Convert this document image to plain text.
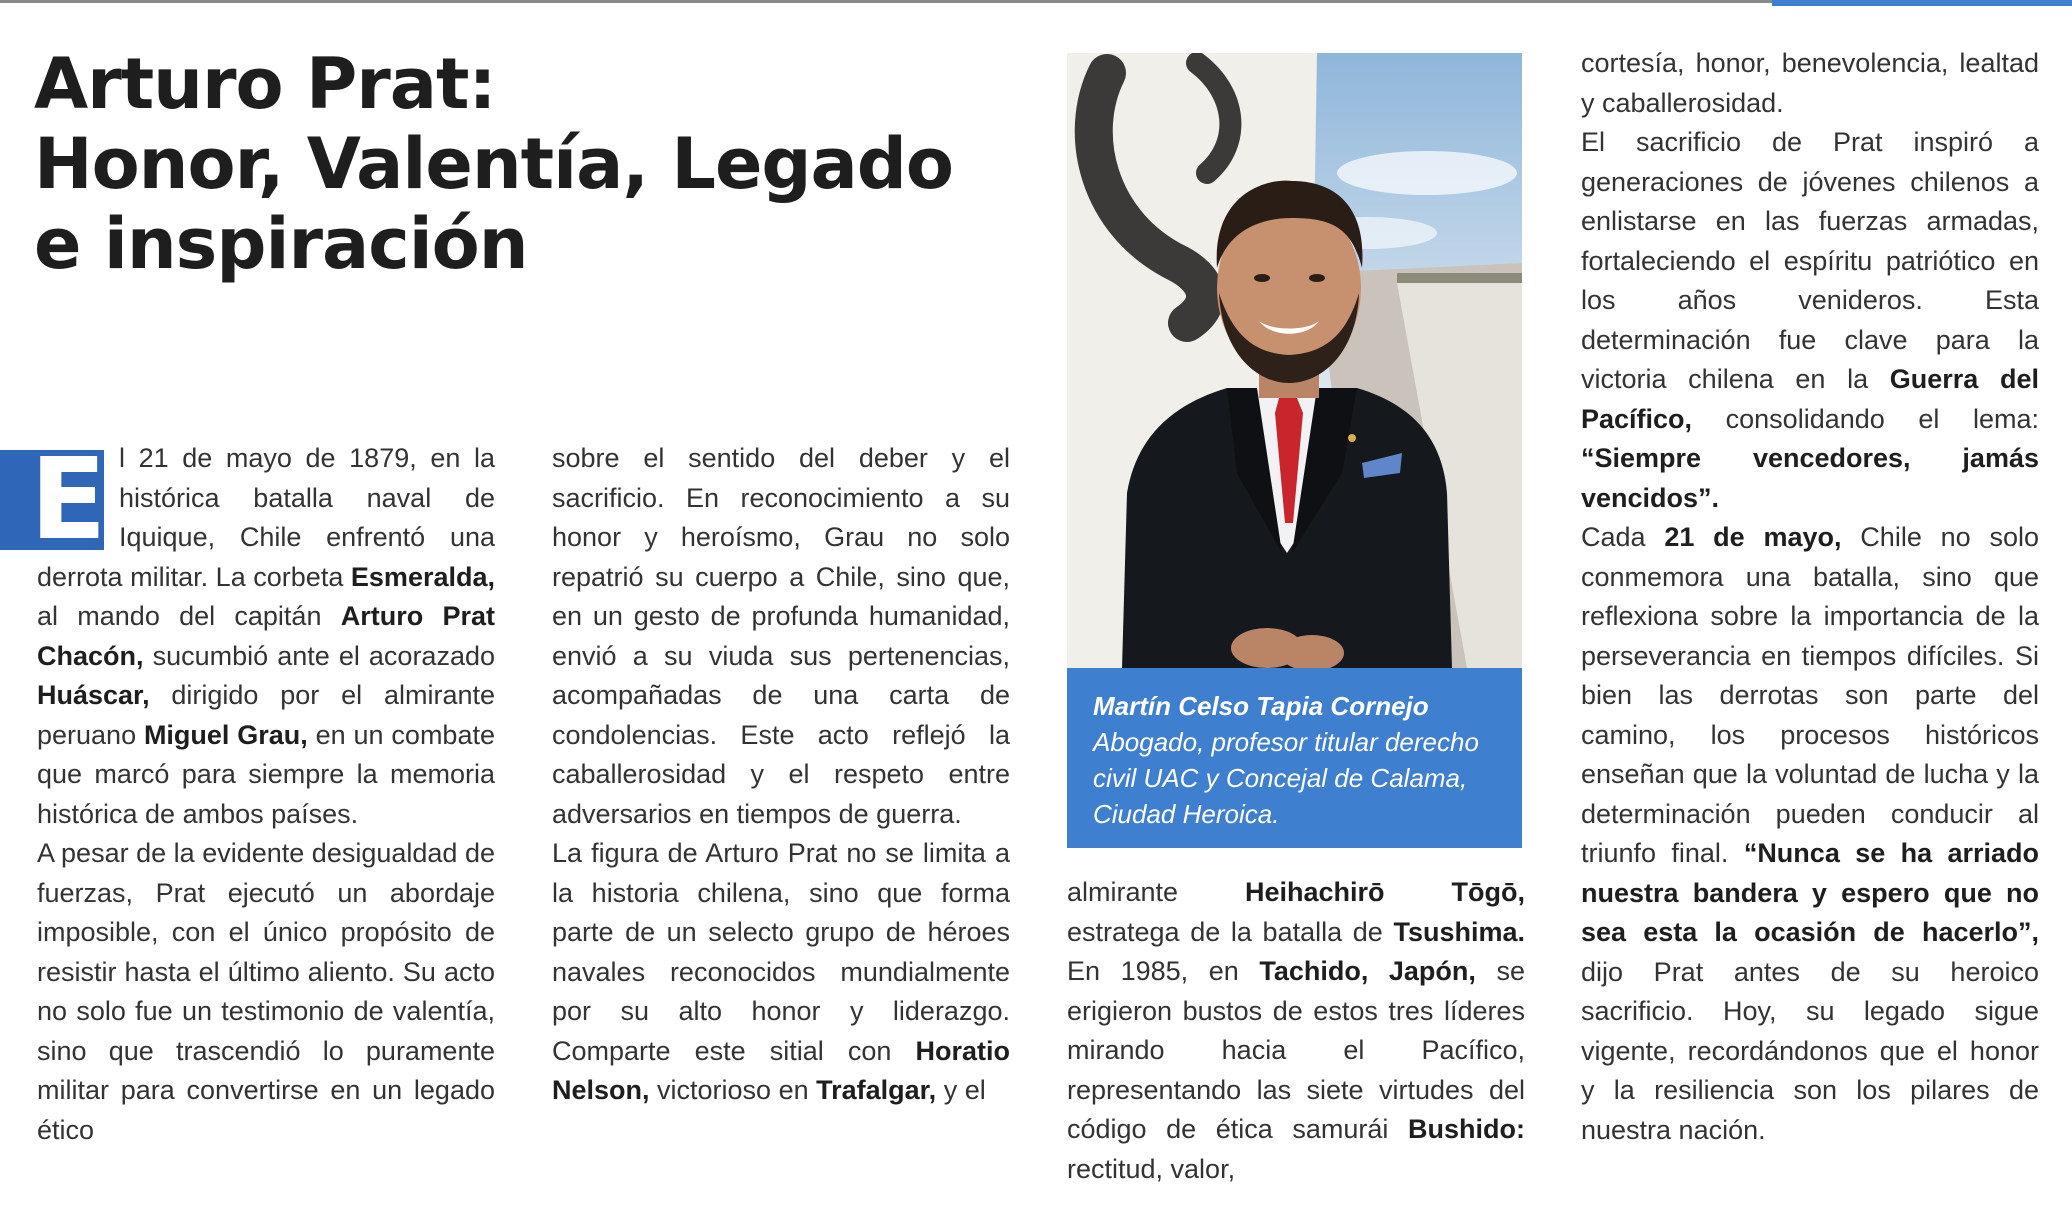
Arturo Prat:
Honor, Valentía, Legado
e inspiración
E l 21 de mayo de 1879, en la histórica batalla naval de Iquique, Chile enfrentó una derrota militar. La corbeta Esmeralda, al mando del capitán Arturo Prat Chacón, sucumbió ante el acorazado Huáscar, dirigido por el almirante peruano Miguel Grau, en un combate que marcó para siempre la memoria histórica de ambos países.

A pesar de la evidente desigualdad de fuerzas, Prat ejecutó un abordaje imposible, con el único propósito de resistir hasta el último aliento. Su acto no solo fue un testimonio de valentía, sino que trascendió lo puramente militar para convertirse en un legado ético

sobre el sentido del deber y el sacrificio. En reconocimiento a su honor y heroísmo, Grau no solo repatrió su cuerpo a Chile, sino que, en un gesto de profunda humanidad, envió a su viuda sus pertenencias, acompañadas de una carta de condolencias. Este acto reflejó la caballerosidad y el respeto entre adversarios en tiempos de guerra.

La figura de Arturo Prat no se limita a la historia chilena, sino que forma parte de un selecto grupo de héroes navales reconocidos mundialmente por su alto honor y liderazgo. Comparte este sitial con Horatio Nelson, victorioso en Trafalgar, y el

Martín Celso Tapia Cornejo
Abogado, profesor titular derecho civil UAC y Concejal de Calama, Ciudad Heroica.

almirante Heihachirō Tōgō, estratega de la batalla de Tsushima. En 1985, en Tachido, Japón, se erigieron bustos de estos tres líderes mirando hacia el Pacífico, representando las siete virtudes del código de ética samurái Bushido: rectitud, valor,

cortesía, honor, benevolencia, lealtad y caballerosidad.

El sacrificio de Prat inspiró a generaciones de jóvenes chilenos a enlistarse en las fuerzas armadas, fortaleciendo el espíritu patriótico en los años venideros. Esta determinación fue clave para la victoria chilena en la Guerra del Pacífico, consolidando el lema: “Siempre vencedores, jamás vencidos”.

Cada 21 de mayo, Chile no solo conmemora una batalla, sino que reflexiona sobre la importancia de la perseverancia en tiempos difíciles. Si bien las derrotas son parte del camino, los procesos históricos enseñan que la voluntad de lucha y la determinación pueden conducir al triunfo final. “Nunca se ha arriado nuestra bandera y espero que no sea esta la ocasión de hacerlo”, dijo Prat antes de su heroico sacrificio. Hoy, su legado sigue vigente, recordándonos que el honor y la resiliencia son los pilares de nuestra nación.
